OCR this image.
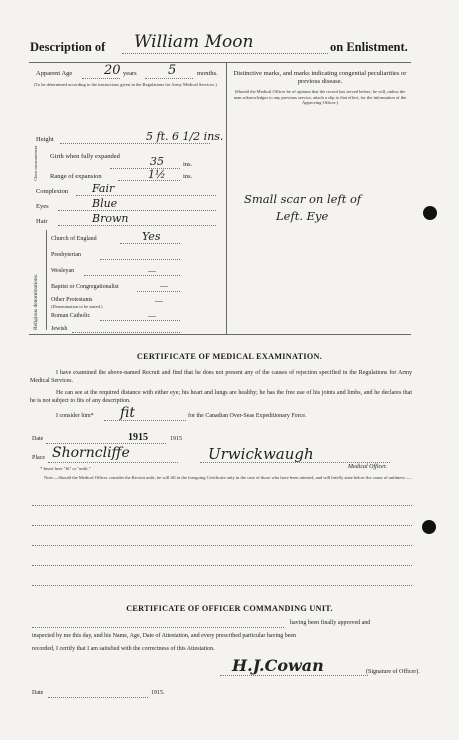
Description of William Moon	on Enlistment.
Apparent Age 20 years 5	months.
(To be determined according to the instructions given in the Regulations for Army Medical Services.)
Height	5 ft. 6 1/2 ins.
Chest measurement Girth when fully expanded	35	ins.
Range of expansion	1½	ins.
Complexion Fair
Eyes	Blue
Hair	Brown
Religious denominations.
Church of England	Yes
Presbyterian
Wesleyan	—
Baptist or Congregationalist	—
Other Protestants
(Denomination to be stated.)
—
Roman Catholic	—
Jewish
Distinctive marks, and marks indicating congenital peculiarities or previous disease.
(Should the Medical Officer be of opinion that the recruit has served before, he will, unless the man acknowledges to any previous service, attach a slip to that effect, for the information of the Approving Officer.)
Small scar on left of
Left. Eye
CERTIFICATE OF MEDICAL EXAMINATION.
I have examined the above-named Recruit and find that he does not present any of the causes of rejection specified in the Regulations for Army Medical Services.
He can see at the required distance with either eye; his heart and lungs are healthy; he has the free use of his joints and limbs, and he declares that he is not subject to fits of any description.
I consider him* fit	for the Canadian Over-Seas Expeditionary Force.
Date	1915	1915
Place Shorncliffe	Urwickwaugh
Medical Officer.
* Insert here "fit" or "unfit."
Note.—Should the Medical Officer consider the Recruit unfit, he will fill in the foregoing Certificate only in the case of those who have been attested, and will briefly state below the cause of unfitness :—
CERTIFICATE OF OFFICER COMMANDING UNIT.
having been finally approved and
inspected by me this day, and his Name, Age, Date of Attestation, and every prescribed particular having been
recorded, I certify that I am satisfied with the correctness of this Attestation.
H.J.Cowan	(Signature of Officer).
Date	1915.
